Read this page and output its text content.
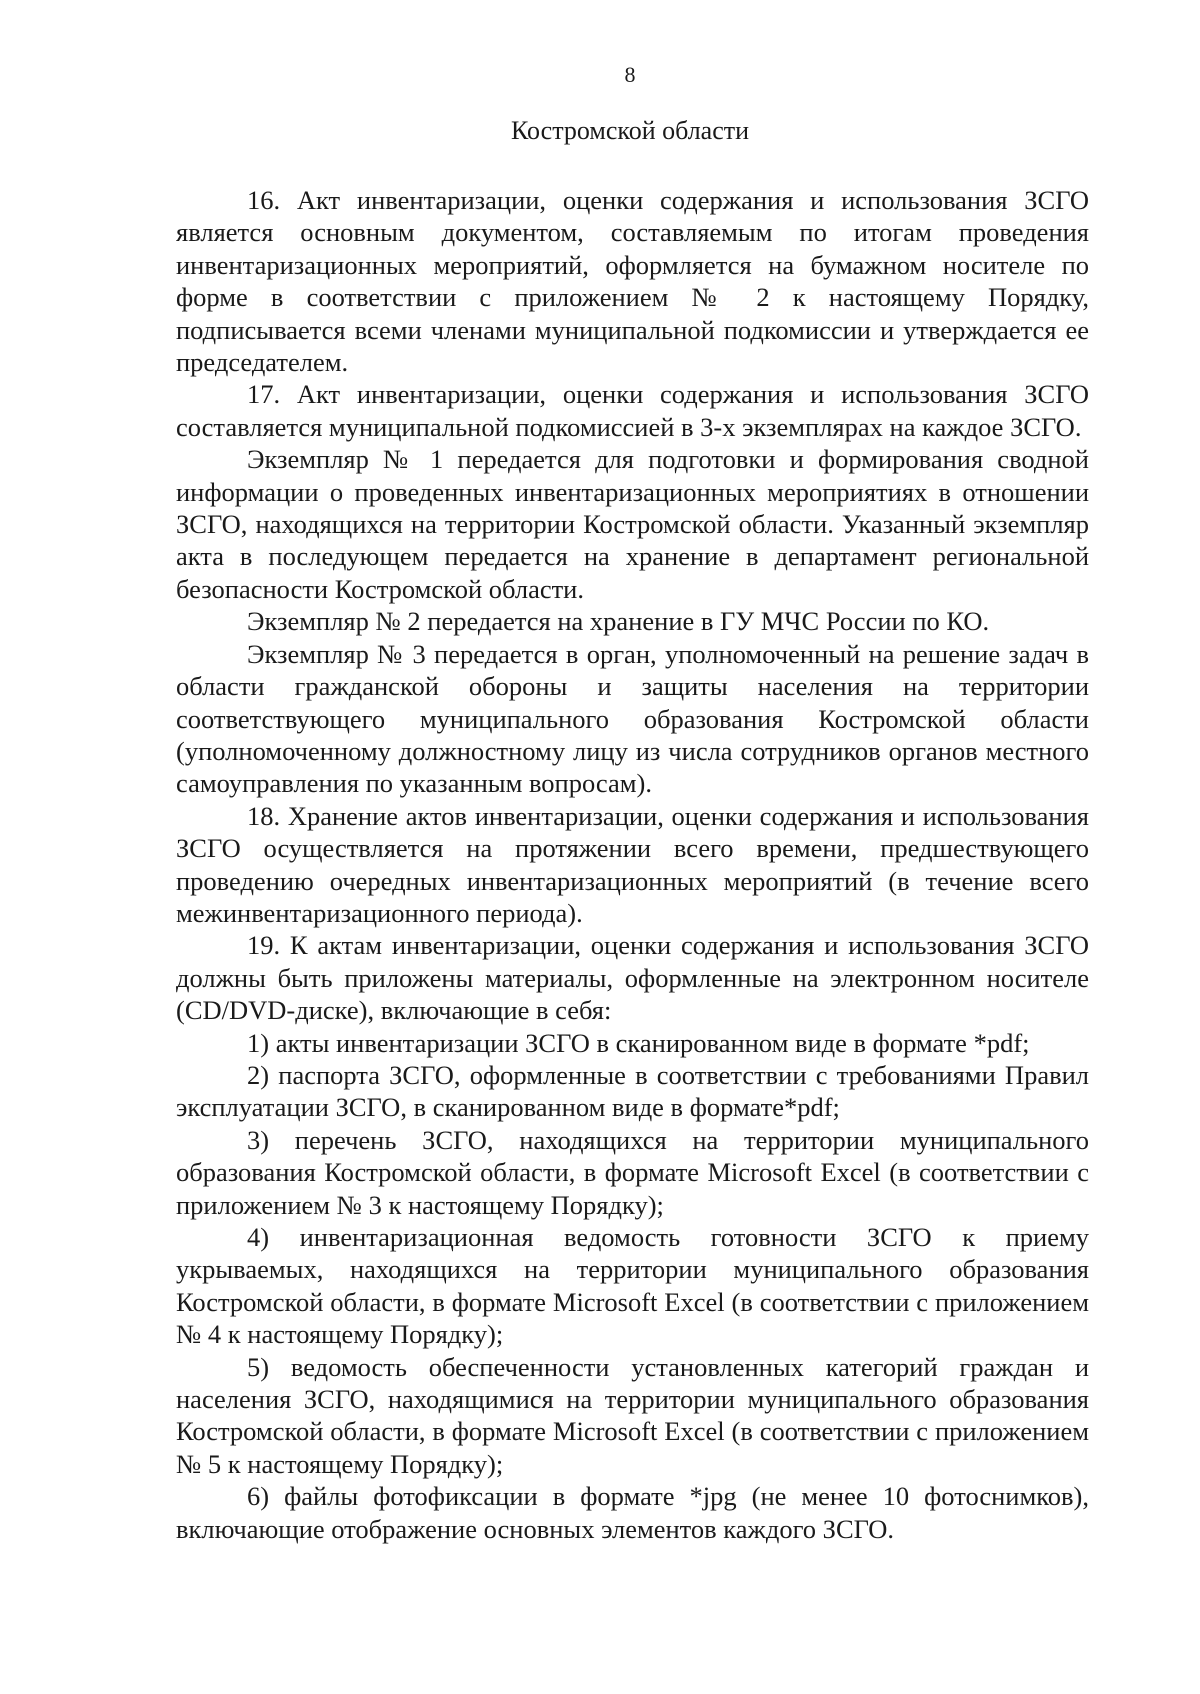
8
Костромской области

16. Акт инвентаризации, оценки содержания и использования ЗСГО является основным документом, составляемым по итогам проведения инвентаризационных мероприятий, оформляется на бумажном носителе по форме в соответствии с приложением № 2 к настоящему Порядку, подписывается всеми членами муниципальной подкомиссии и утверждается ее председателем.

17. Акт инвентаризации, оценки содержания и использования ЗСГО составляется муниципальной подкомиссией в 3-х экземплярах на каждое ЗСГО.

Экземпляр № 1 передается для подготовки и формирования сводной информации о проведенных инвентаризационных мероприятиях в отношении ЗСГО, находящихся на территории Костромской области. Указанный экземпляр акта в последующем передается на хранение в департамент региональной безопасности Костромской области.

Экземпляр № 2 передается на хранение в ГУ МЧС России по КО.

Экземпляр № 3 передается в орган, уполномоченный на решение задач в области гражданской обороны и защиты населения на территории соответствующего муниципального образования Костромской области (уполномоченному должностному лицу из числа сотрудников органов местного самоуправления по указанным вопросам).

18. Хранение актов инвентаризации, оценки содержания и использования ЗСГО осуществляется на протяжении всего времени, предшествующего проведению очередных инвентаризационных мероприятий (в течение всего межинвентаризационного периода).

19. К актам инвентаризации, оценки содержания и использования ЗСГО должны быть приложены материалы, оформленные на электронном носителе (CD/DVD-диске), включающие в себя:

1) акты инвентаризации ЗСГО в сканированном виде в формате *pdf;

2) паспорта ЗСГО, оформленные в соответствии с требованиями Правил эксплуатации ЗСГО, в сканированном виде в формате*pdf;

3) перечень ЗСГО, находящихся на территории муниципального образования Костромской области, в формате Microsoft Excel (в соответствии с приложением № 3 к настоящему Порядку);

4) инвентаризационная ведомость готовности ЗСГО к приему укрываемых, находящихся на территории муниципального образования Костромской области, в формате Microsoft Excel (в соответствии с приложением № 4 к настоящему Порядку);

5) ведомость обеспеченности установленных категорий граждан и населения ЗСГО, находящимися на территории муниципального образования Костромской области, в формате Microsoft Excel (в соответствии с приложением № 5 к настоящему Порядку);

6) файлы фотофиксации в формате *jpg (не менее 10 фотоснимков), включающие отображение основных элементов каждого ЗСГО.
